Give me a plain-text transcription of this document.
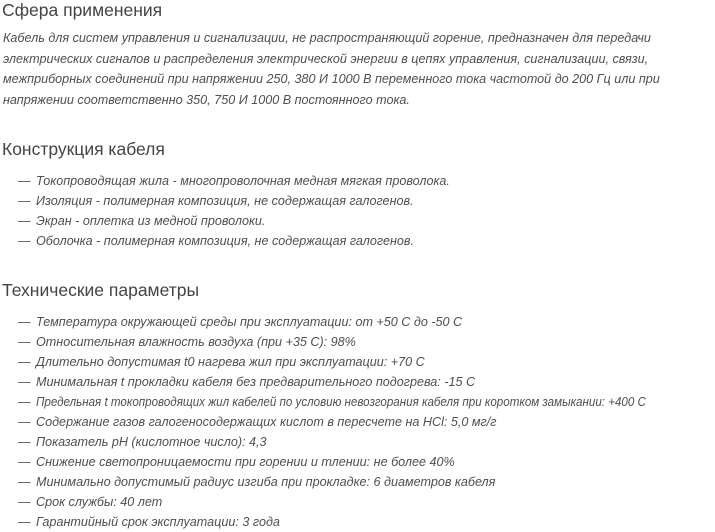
Сфера применения

Кабель для систем управления и сигнализации, не распространяющий горение, предназначен для передачи
электрических сигналов и распределения электрической энергии в цепях управления, сигнализации, связи,
межприборных соединений при напряжении 250, 380 И 1000 В переменного тока частотой до 200 Гц или при
напряжении соответственно 350, 750 И 1000 В постоянного тока.

Конструкция кабеля
— Токопроводящая жила - многопроволочная медная мягкая проволока.
— Изоляция - полимерная композиция, не содержащая галогенов.
— Экран - оплетка из медной проволоки.
— Оболочка - полимерная композиция, не содержащая галогенов.
Технические параметры
— Температура окружающей среды при эксплуатации: от +50 С до -50 С
— Относительная влажность воздуха (при +35 С): 98%
— Длительно допустимая t0 нагрева жил при эксплуатации: +70 С
— Минимальная t прокладки кабеля без предварительного подогрева: -15 С
— Предельная t токопроводящих жил кабелей по условию невозгорания кабеля при коротком замыкании: +400 С
— Содержание газов галогеносодержащих кислот в пересчете на HCl: 5,0 мг/г
— Показатель pH (кислотное число): 4,3
— Снижение светопроницаемости при горении и тлении: не более 40%
— Минимально допустимый радиус изгиба при прокладке: 6 диаметров кабеля
— Срок службы: 40 лет
— Гарантийный срок эксплуатации: 3 года
